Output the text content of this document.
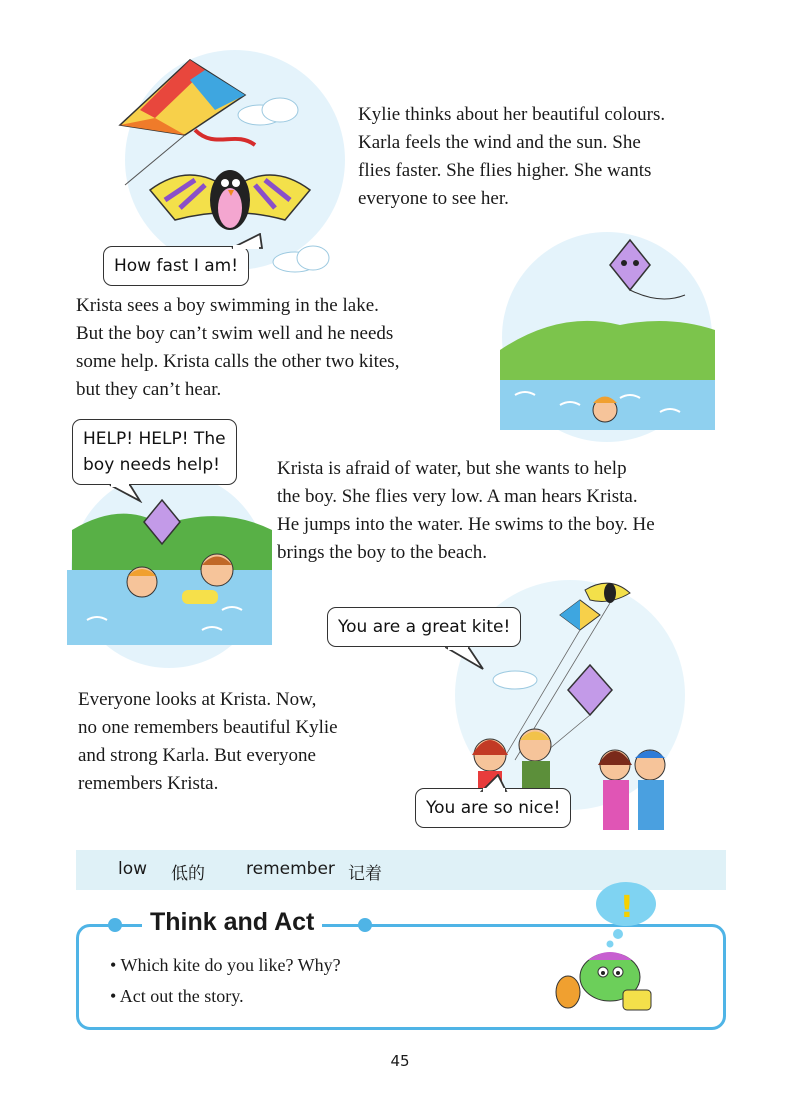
How fast I am!
Kylie thinks about her beautiful colours.
Karla feels the wind and the sun. She
flies faster. She flies higher. She wants
everyone to see her.
Krista sees a boy swimming in the lake.
But the boy can’t swim well and he needs
some help. Krista calls the other two kites,
but they can’t hear.
HELP! HELP! The
boy needs help!	Krista is afraid of water, but she wants to help
the boy. She flies very low. A man hears Krista.
He jumps into the water. He swims to the boy. He
brings the boy to the beach.
You are a great kite!
Everyone looks at Krista. Now,
no one remembers beautiful Kylie
and strong Karla. But everyone
remembers Krista.
You are so nice!
low 低的 remember 记着
Think and Act
• Which kite do you like? Why?
• Act out the story.
!
45
